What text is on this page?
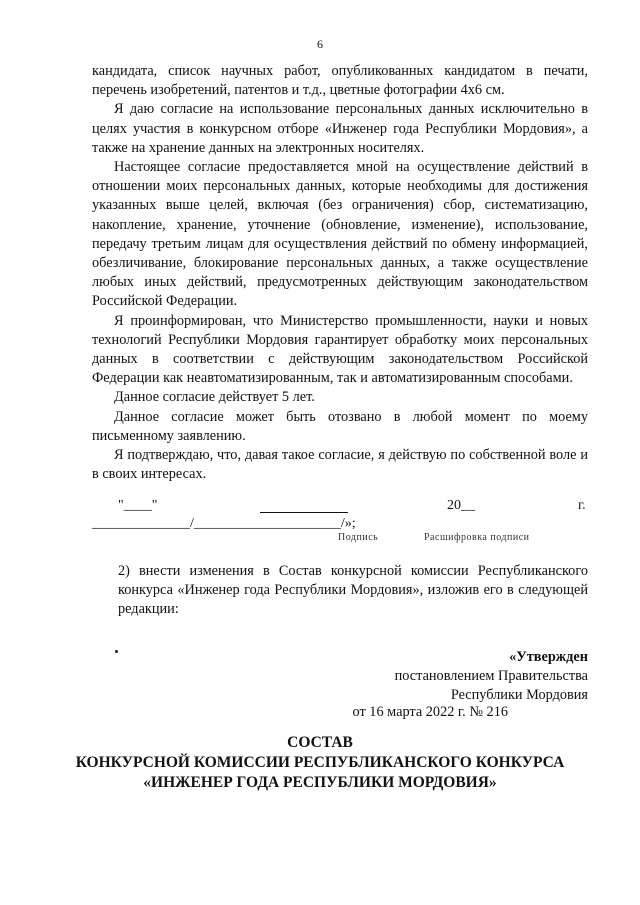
6

кандидата, список научных работ, опубликованных кандидатом в печати, перечень изобретений, патентов и т.д., цветные фотографии 4х6 см.

Я даю согласие на использование персональных данных исключительно в целях участия в конкурсном отборе «Инженер года Республики Мордовия», а также на хранение данных на электронных носителях.

Настоящее согласие предоставляется мной на осуществление действий в отношении моих персональных данных, которые необходимы для достижения указанных выше целей, включая (без ограничения) сбор, систематизацию, накопление, хранение, уточнение (обновление, изменение), использование, передачу третьим лицам для осуществления действий по обмену информацией, обезличивание, блокирование персональных данных, а также осуществление любых иных действий, предусмотренных действующим законодательством Российской Федерации.

Я проинформирован, что Министерство промышленности, науки и новых технологий Республики Мордовия гарантирует обработку моих персональных данных в соответствии с действующим законодательством Российской Федерации как неавтоматизированным, так и автоматизированным способами.

Данное согласие действует 5 лет.

Данное согласие может быть отозвано в любой момент по моему письменному заявлению.

Я подтверждаю, что, давая такое согласие, я действую по собственной воле и в своих интересах.

"____"	20__	г.
______________/_____________________/»;
Подпись	Расшифровка подписи

2) внести изменения в Состав конкурсной комиссии Республиканского конкурса «Инженер года Республики Мордовия», изложив его в следующей редакции:

«Утвержден
постановлением Правительства
Республики Мордовия
от 16 марта 2022 г. № 216
СОСТАВ
КОНКУРСНОЙ КОМИССИИ РЕСПУБЛИКАНСКОГО КОНКУРСА
«ИНЖЕНЕР ГОДА РЕСПУБЛИКИ МОРДОВИЯ»
